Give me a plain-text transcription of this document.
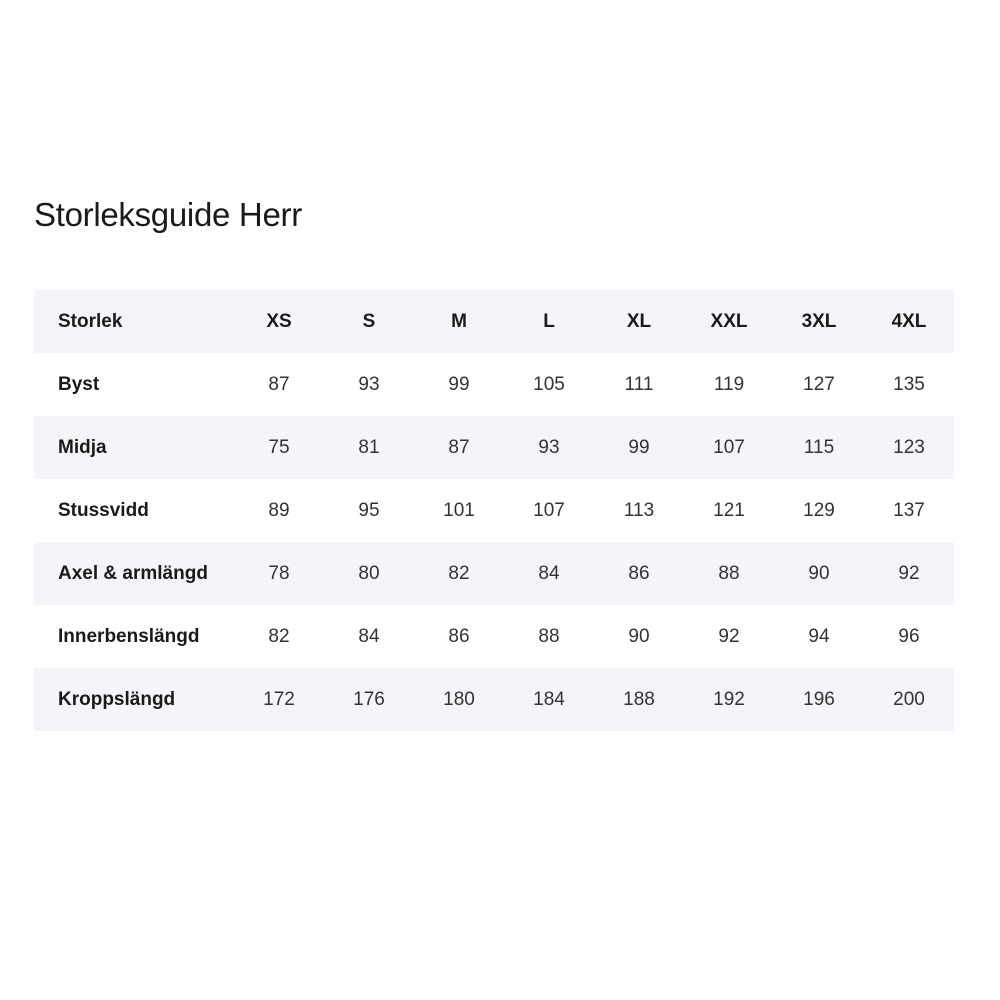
Storleksguide Herr
Storlek	XS	S	M	L	XL	XXL	3XL	4XL
Byst	87	93	99	105	111	119	127	135
Midja	75	81	87	93	99	107	115	123
Stussvidd	89	95	101	107	113	121	129	137
Axel & armlängd	78	80	82	84	86	88	90	92
Innerbenslängd	82	84	86	88	90	92	94	96
Kroppslängd	172	176	180	184	188	192	196	200
